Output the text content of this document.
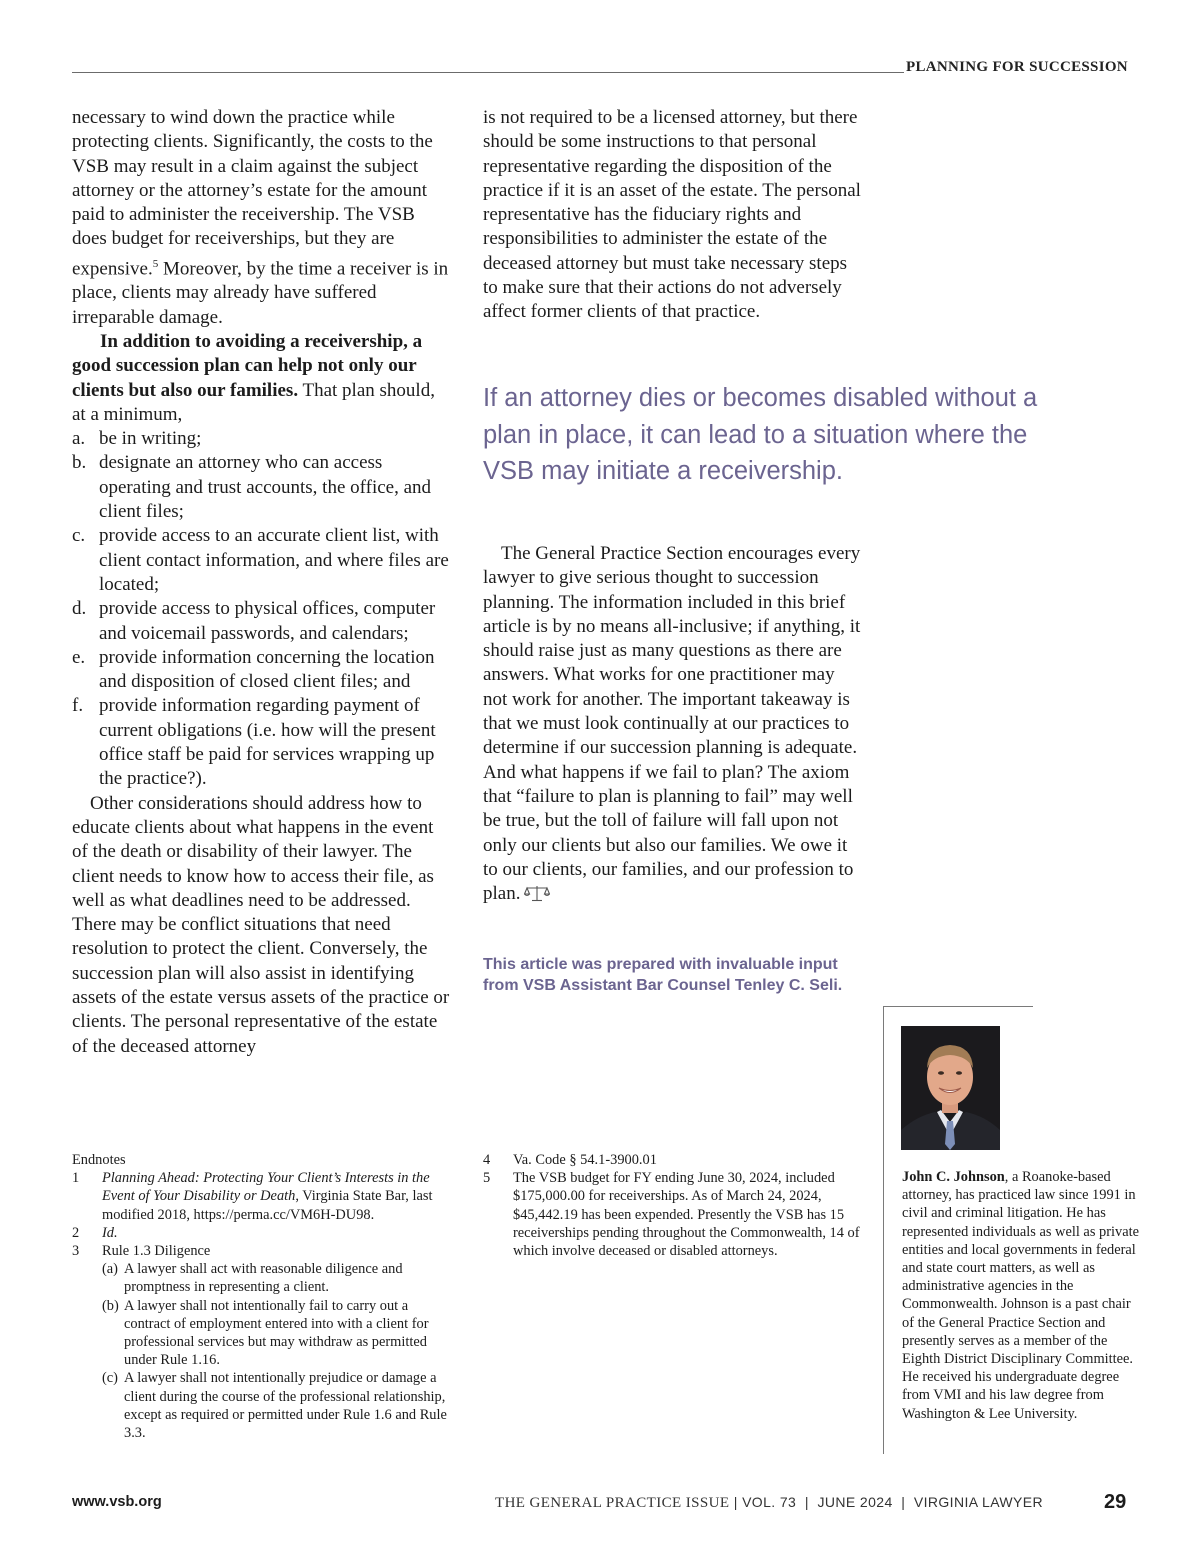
PLANNING FOR SUCCESSION

necessary to wind down the practice while protecting clients. Significantly, the costs to the VSB may result in a claim against the subject attorney or the attorney’s estate for the amount paid to administer the receivership. The VSB does budget for receiverships, but they are expensive.$^5$ Moreover, by the time a receiver is in place, clients may already have suffered irreparable damage.

In addition to avoiding a receivership, a good succession plan can help not only our clients but also our families. That plan should, at a minimum,

a. be in writing;
b. designate an attorney who can access operating and trust accounts, the office, and client files;
c. provide access to an accurate client list, with client contact information, and where files are located;
d. provide access to physical offices, computer and voicemail passwords, and calendars;
e. provide information concerning the location and disposition of closed client files; and
f. provide information regarding payment of current obligations (i.e. how will the present office staff be paid for services wrapping up the practice?).

Other considerations should address how to educate clients about what happens in the event of the death or disability of their lawyer. The client needs to know how to access their file, as well as what deadlines need to be addressed. There may be conflict situations that need resolution to protect the client. Conversely, the succession plan will also assist in identifying assets of the estate versus assets of the practice or clients. The personal representative of the estate of the deceased attorney

is not required to be a licensed attorney, but there should be some instructions to that personal representative regarding the disposition of the practice if it is an asset of the estate. The personal representative has the fiduciary rights and responsibilities to administer the estate of the deceased attorney but must take necessary steps to make sure that their actions do not adversely affect former clients of that practice.

If an attorney dies or becomes disabled without a plan in place, it can lead to a situation where the VSB may initiate a receivership.

The General Practice Section encourages every lawyer to give serious thought to succession planning. The information included in this brief article is by no means all-inclusive; if anything, it should raise just as many questions as there are answers. What works for one practitioner may not work for another. The important takeaway is that we must look continually at our practices to determine if our succession planning is adequate. And what happens if we fail to plan? The axiom that “failure to plan is planning to fail” may well be true, but the toll of failure will fall upon not only our clients but also our families. We owe it to our clients, our families, and our profession to plan.

This article was prepared with invaluable input from VSB Assistant Bar Counsel Tenley C. Seli.
John C. Johnson, a Roanoke-based attorney, has practiced law since 1991 in civil and criminal litigation. He has represented individuals as well as private entities and local governments in federal and state court matters, as well as administrative agencies in the Commonwealth. Johnson is a past chair of the General Practice Section and presently serves as a member of the Eighth District Disciplinary Committee. He received his undergraduate degree from VMI and his law degree from Washington & Lee University.
Endnotes
1 Planning Ahead: Protecting Your Client’s Interests in the Event of Your Disability or Death, Virginia State Bar, last modified 2018, https://perma.cc/VM6H-DU98.
2 Id.
3 Rule 1.3 Diligence
(a) A lawyer shall act with reasonable diligence and promptness in representing a client.
(b) A lawyer shall not intentionally fail to carry out a contract of employment entered into with a client for professional services but may withdraw as permitted under Rule 1.16.
(c) A lawyer shall not intentionally prejudice or damage a client during the course of the professional relationship, except as required or permitted under Rule 1.6 and Rule 3.3.
4 Va. Code § 54.1-3900.01
5 The VSB budget for FY ending June 30, 2024, included $175,000.00 for receiverships. As of March 24, 2024, $45,442.19 has been expended. Presently the VSB has 15 receiverships pending throughout the Commonwealth, 14 of which involve deceased or disabled attorneys.
www.vsb.org	THE GENERAL PRACTICE ISSUE | VOL. 73  |  JUNE 2024  |  VIRGINIA LAWYER	29
